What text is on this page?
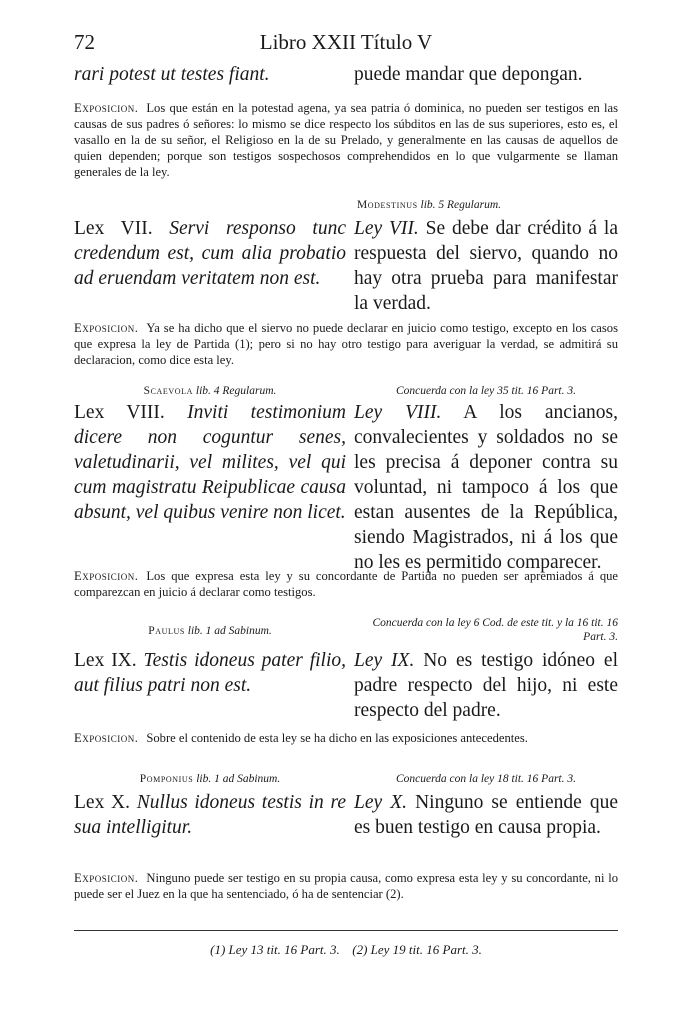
72	Libro XXII Título V
rari potest ut testes fiant.	puede mandar que depongan.
Exposicion. Los que están en la potestad agena, ya sea patria ó dominica, no pueden ser testigos en las causas de sus padres ó señores: lo mismo se dice respecto los súbditos en las de sus superiores, esto es, el vasallo en la de su señor, el Religioso en la de su Prelado, y generalmente en las causas de aquellos de quien dependen; porque son testigos sospechosos comprehendidos en lo que vulgarmente se llaman generales de la ley.
Modestinus lib. 5 Regularum.
Lex VII. Servi responso tunc credendum est, cum alia probatio ad eruendam veritatem non est.
Ley VII. Se debe dar crédito á la respuesta del siervo, quando no hay otra prueba para manifestar la verdad.
Exposicion. Ya se ha dicho que el siervo no puede declarar en juicio como testigo, excepto en los casos que expresa la ley de Partida (1); pero si no hay otro testigo para averiguar la verdad, se admitirá su declaracion, como dice esta ley.
Scaevola lib. 4 Regularum.	Concuerda con la ley 35 tit. 16 Part. 3.
Lex VIII. Inviti testimonium dicere non coguntur senes, valetudinarii, vel milites, vel qui cum magistratu Reipublicae causa absunt, vel quibus venire non licet.
Ley VIII. A los ancianos, convalecientes y soldados no se les precisa á deponer contra su voluntad, ni tampoco á los que estan ausentes de la República, siendo Magistrados, ni á los que no les es permitido comparecer.
Exposicion. Los que expresa esta ley y su concordante de Partida no pueden ser apremiados á que comparezcan en juicio á declarar como testigos.
Paulus lib. 1 ad Sabinum.
Concuerda con la ley 6 Cod. de este tit. y la 16 tit. 16 Part. 3.
Lex IX. Testis idoneus pater filio, aut filius patri non est.
Ley IX. No es testigo idóneo el padre respecto del hijo, ni este respecto del padre.
Exposicion. Sobre el contenido de esta ley se ha dicho en las exposiciones antecedentes.
Pomponius lib. 1 ad Sabinum.	Concuerda con la ley 18 tit. 16 Part. 3.
Lex X. Nullus idoneus testis in re sua intelligitur.
Ley X. Ninguno se entiende que es buen testigo en causa propia.
Exposicion. Ninguno puede ser testigo en su propia causa, como expresa esta ley y su concordante, ni lo puede ser el Juez en la que ha sentenciado, ó ha de sentenciar (2).
(1) Ley 13 tit. 16 Part. 3. (2) Ley 19 tit. 16 Part. 3.
